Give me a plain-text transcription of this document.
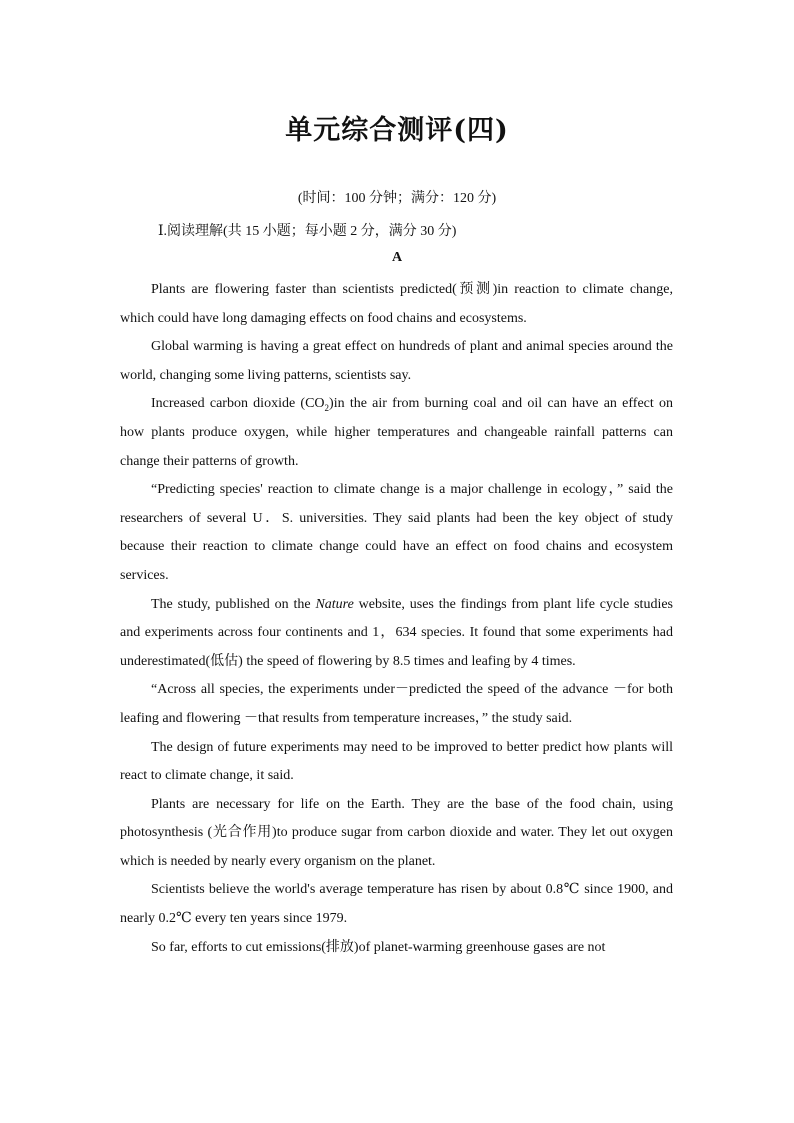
单元综合测评(四)
(时间：100 分钟；满分：120 分)
Ⅰ.阅读理解(共 15 小题；每小题 2 分，满分 30 分)
A

Plants are flowering faster than scientists predicted(预测)in reaction to climate change, which could have long damaging effects on food chains and ecosystems.

Global warming is having a great effect on hundreds of plant and animal species around the world, changing some living patterns, scientists say.

Increased carbon dioxide $(CO_2)in$ the air from burning coal and oil can have an effect on how plants produce oxygen, while higher temperatures and changeable rainfall patterns can change their patterns of growth.

“Predicting species' reaction to climate change is a major challenge in ecology，” said the researchers of several U．S. universities. They said plants had been the key object of study because their reaction to climate change could have an effect on food chains and ecosystem services.

The study, published on the Nature website, uses the findings from plant life cycle studies and experiments across four continents and 1，634 species. It found that some experiments had underestimated(低估) the speed of flowering by 8.5 times and leafing by 4 times.

“Across all species, the experiments under－predicted the speed of the advance －for both leafing and flowering －that results from temperature increases，” the study said.

The design of future experiments may need to be improved to better predict how plants will react to climate change, it said.

Plants are necessary for life on the Earth. They are the base of the food chain, using photosynthesis (光合作用)to produce sugar from carbon dioxide and water. They let out oxygen which is needed by nearly every organism on the planet.

Scientists believe the world's average temperature has risen by about 0.8℃ since 1900, and nearly 0.2℃ every ten years since 1979.

So far, efforts to cut emissions(排放)of planet-warming greenhouse gases are not
